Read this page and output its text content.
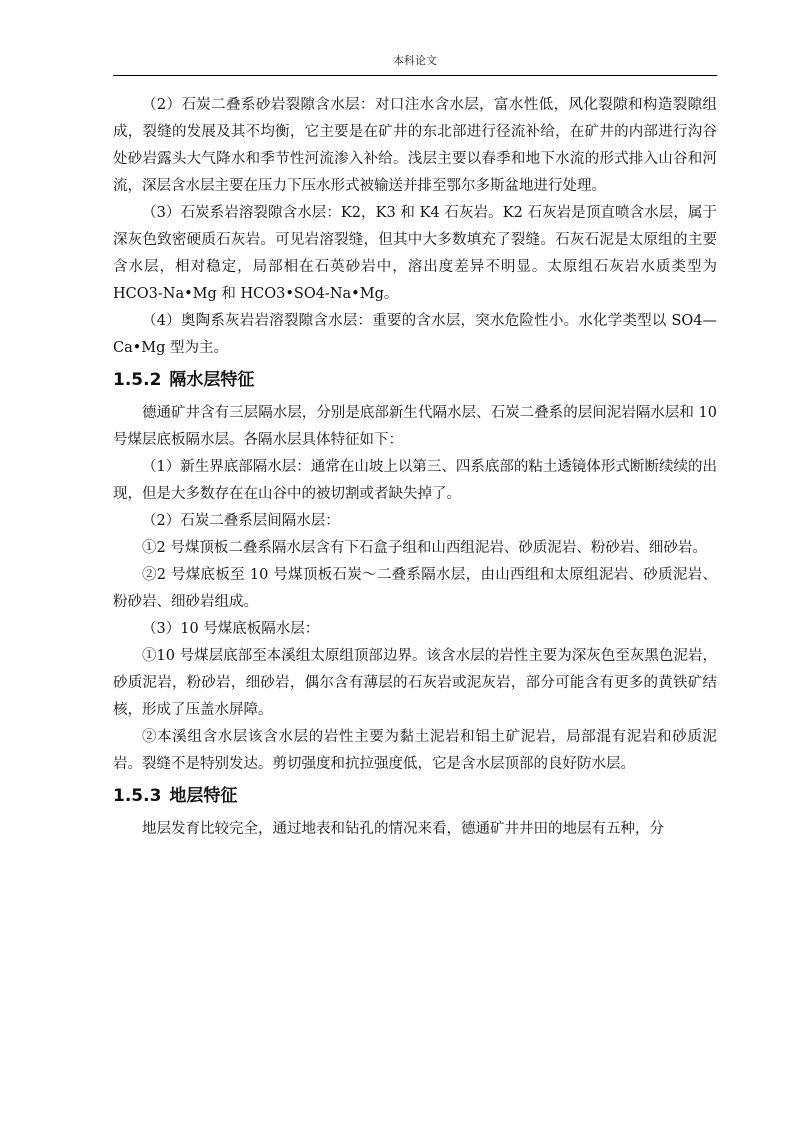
本科论文

（2）石炭二叠系砂岩裂隙含水层：对口注水含水层，富水性低，风化裂隙和构造裂隙组成，裂缝的发展及其不均衡，它主要是在矿井的东北部进行径流补给，在矿井的内部进行沟谷处砂岩露头大气降水和季节性河流渗入补给。浅层主要以春季和地下水流的形式排入山谷和河流，深层含水层主要在压力下压水形式被输送并排至鄂尔多斯盆地进行处理。

（3）石炭系岩溶裂隙含水层：K2，K3 和 K4 石灰岩。K2 石灰岩是顶直喷含水层，属于深灰色致密硬质石灰岩。可见岩溶裂缝，但其中大多数填充了裂缝。石灰石泥是太原组的主要含水层，相对稳定，局部相在石英砂岩中，溶出度差异不明显。太原组石灰岩水质类型为 HCO3-Na•Mg 和 HCO3•SO4-Na•Mg。

（4）奥陶系灰岩岩溶裂隙含水层：重要的含水层，突水危险性小。水化学类型以 SO4—Ca•Mg 型为主。

1.5.2 隔水层特征

德通矿井含有三层隔水层，分别是底部新生代隔水层、石炭二叠系的层间泥岩隔水层和 10 号煤层底板隔水层。各隔水层具体特征如下：

（1）新生界底部隔水层：通常在山坡上以第三、四系底部的粘土透镜体形式断断续续的出现，但是大多数存在在山谷中的被切割或者缺失掉了。

（2）石炭二叠系层间隔水层：

①2 号煤顶板二叠系隔水层含有下石盒子组和山西组泥岩、砂质泥岩、粉砂岩、细砂岩。

②2 号煤底板至 10 号煤顶板石炭～二叠系隔水层，由山西组和太原组泥岩、砂质泥岩、粉砂岩、细砂岩组成。

（3）10 号煤底板隔水层：

①10 号煤层底部至本溪组太原组顶部边界。该含水层的岩性主要为深灰色至灰黑色泥岩，砂质泥岩，粉砂岩，细砂岩，偶尔含有薄层的石灰岩或泥灰岩，部分可能含有更多的黄铁矿结核，形成了压盖水屏障。

②本溪组含水层该含水层的岩性主要为黏土泥岩和铝土矿泥岩，局部混有泥岩和砂质泥岩。裂缝不是特别发达。剪切强度和抗拉强度低，它是含水层顶部的良好防水层。

1.5.3 地层特征

地层发育比较完全，通过地表和钻孔的情况来看，德通矿井井田的地层有五种，分
